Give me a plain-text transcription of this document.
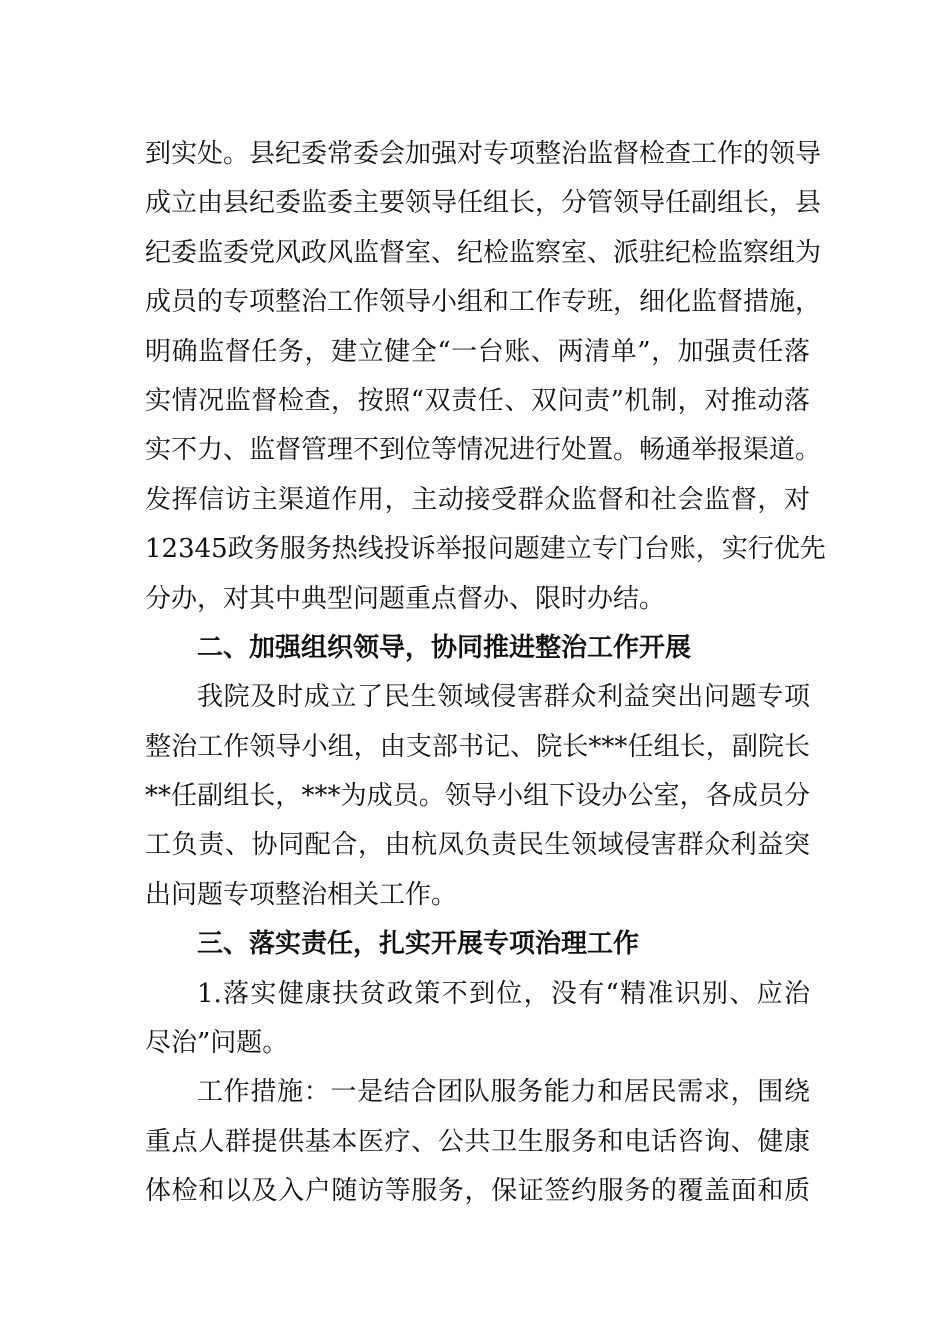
到实处。县纪委常委会加强对专项整治监督检查工作的领导
成立由县纪委监委主要领导任组长，分管领导任副组长，县
纪委监委党风政风监督室、纪检监察室、派驻纪检监察组为
成员的专项整治工作领导小组和工作专班，细化监督措施，
明确监督任务，建立健全“一台账、两清单”，加强责任落
实情况监督检查，按照“双责任、双问责”机制，对推动落
实不力、监督管理不到位等情况进行处置。畅通举报渠道。
发挥信访主渠道作用，主动接受群众监督和社会监督，对
12345政务服务热线投诉举报问题建立专门台账，实行优先
分办，对其中典型问题重点督办、限时办结。
二、加强组织领导，协同推进整治工作开展
我院及时成立了民生领域侵害群众利益突出问题专项
整治工作领导小组，由支部书记、院长***任组长，副院长
**任副组长，***为成员。领导小组下设办公室，各成员分
工负责、协同配合，由杭凤负责民生领域侵害群众利益突
出问题专项整治相关工作。
三、落实责任，扎实开展专项治理工作
1.落实健康扶贫政策不到位，没有“精准识别、应治
尽治”问题。
工作措施：一是结合团队服务能力和居民需求，围绕
重点人群提供基本医疗、公共卫生服务和电话咨询、健康
体检和以及入户随访等服务，保证签约服务的覆盖面和质
